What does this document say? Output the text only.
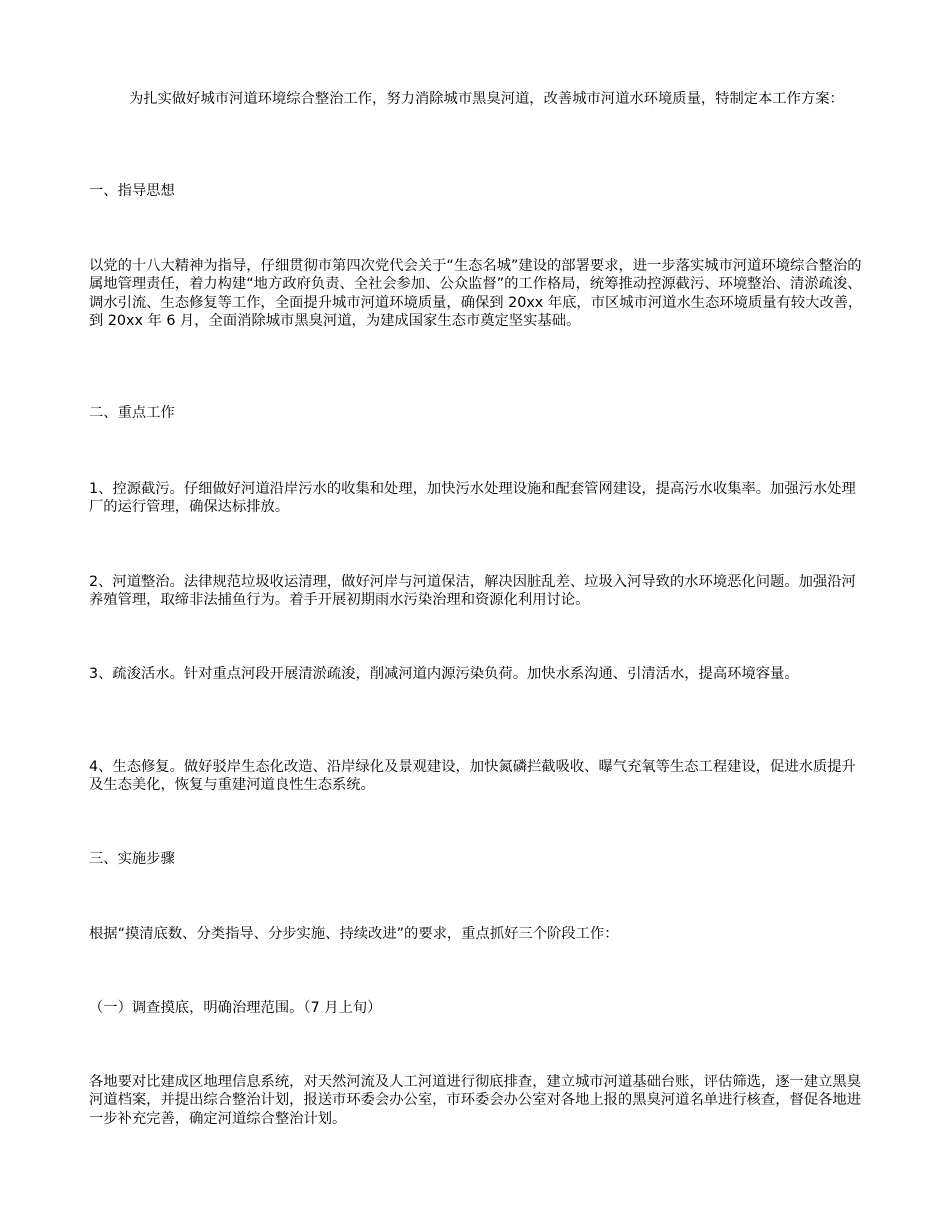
为扎实做好城市河道环境综合整治工作，努力消除城市黑臭河道，改善城市河道水环境质量，特制定本工作方案：

一、指导思想

以党的十八大精神为指导，仔细贯彻市第四次党代会关于“生态名城”建设的部署要求，进一步落实城市河道环境综合整治的属地管理责任，着力构建“地方政府负责、全社会参加、公众监督”的工作格局，统筹推动控源截污、环境整治、清淤疏浚、调水引流、生态修复等工作，全面提升城市河道环境质量，确保到 20xx 年底，市区城市河道水生态环境质量有较大改善，到 20xx 年 6 月，全面消除城市黑臭河道，为建成国家生态市奠定坚实基础。

二、重点工作

1、控源截污。仔细做好河道沿岸污水的收集和处理，加快污水处理设施和配套管网建设，提高污水收集率。加强污水处理厂的运行管理，确保达标排放。

2、河道整治。法律规范垃圾收运清理，做好河岸与河道保洁，解决因脏乱差、垃圾入河导致的水环境恶化问题。加强沿河养殖管理，取缔非法捕鱼行为。着手开展初期雨水污染治理和资源化利用讨论。

3、疏浚活水。针对重点河段开展清淤疏浚，削减河道内源污染负荷。加快水系沟通、引清活水，提高环境容量。

4、生态修复。做好驳岸生态化改造、沿岸绿化及景观建设，加快氮磷拦截吸收、曝气充氧等生态工程建设，促进水质提升及生态美化，恢复与重建河道良性生态系统。

三、实施步骤

根据“摸清底数、分类指导、分步实施、持续改进”的要求，重点抓好三个阶段工作：

（一）调查摸底，明确治理范围。（7 月上旬）

各地要对比建成区地理信息系统，对天然河流及人工河道进行彻底排查，建立城市河道基础台账，评估筛选，逐一建立黑臭河道档案，并提出综合整治计划，报送市环委会办公室，市环委会办公室对各地上报的黑臭河道名单进行核查，督促各地进一步补充完善，确定河道综合整治计划。
